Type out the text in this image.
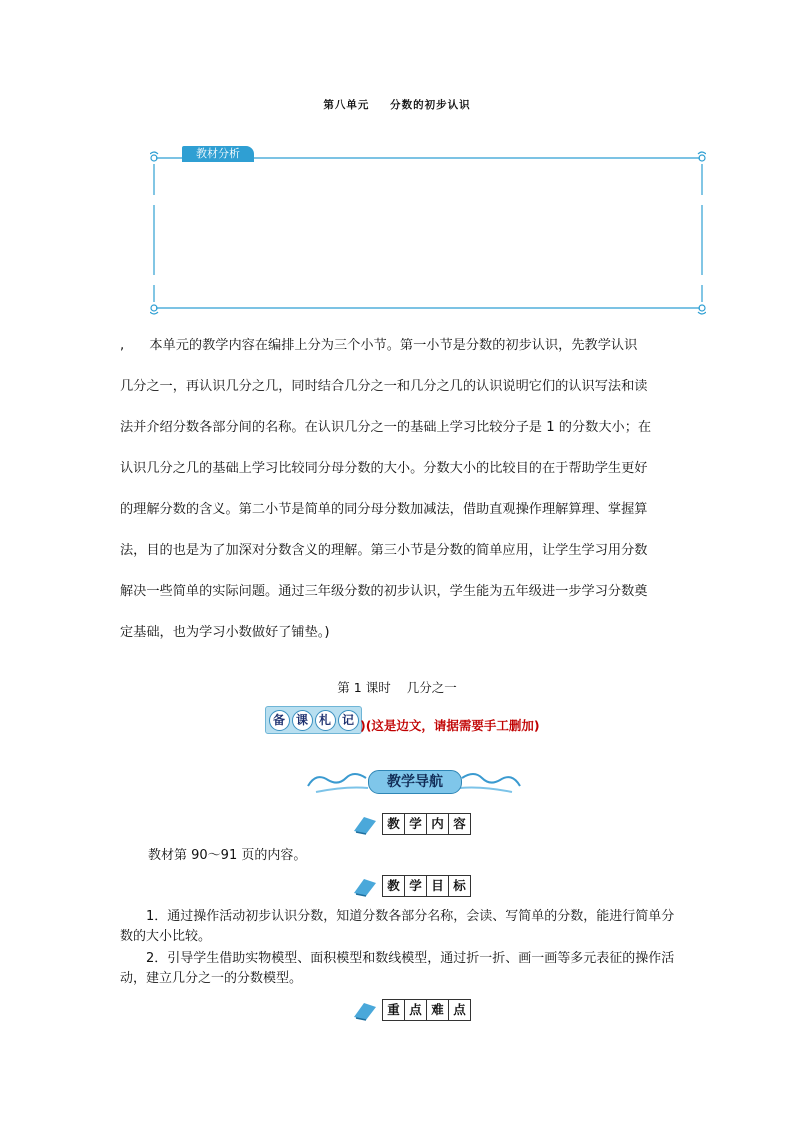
第八单元 分数的初步认识
教材分析
, 本单元的教学内容在编排上分为三个小节。第一小节是分数的初步认识，先教学认识
几分之一，再认识几分之几，同时结合几分之一和几分之几的认识说明它们的认识写法和读
法并介绍分数各部分间的名称。在认识几分之一的基础上学习比较分子是 1 的分数大小；在
认识几分之几的基础上学习比较同分母分数的大小。分数大小的比较目的在于帮助学生更好
的理解分数的含义。第二小节是简单的同分母分数加减法，借助直观操作理解算理、掌握算
法，目的也是为了加深对分数含义的理解。第三小节是分数的简单应用，让学生学习用分数
解决一些简单的实际问题。通过三年级分数的初步认识，学生能为五年级进一步学习分数奠
定基础，也为学习小数做好了铺垫。)
第 1 课时 几分之一
备 课 札 记 )(这是边文，请据需要手工删加)
教学导航
教 学 内 容
教材第 90～91 页的内容。
教 学 目 标
1．通过操作活动初步认识分数，知道分数各部分名称，会读、写简单的分数，能进行简单分数的大小比较。
2．引导学生借助实物模型、面积模型和数线模型，通过折一折、画一画等多元表征的操作活动，建立几分之一的分数模型。
重 点 难 点
